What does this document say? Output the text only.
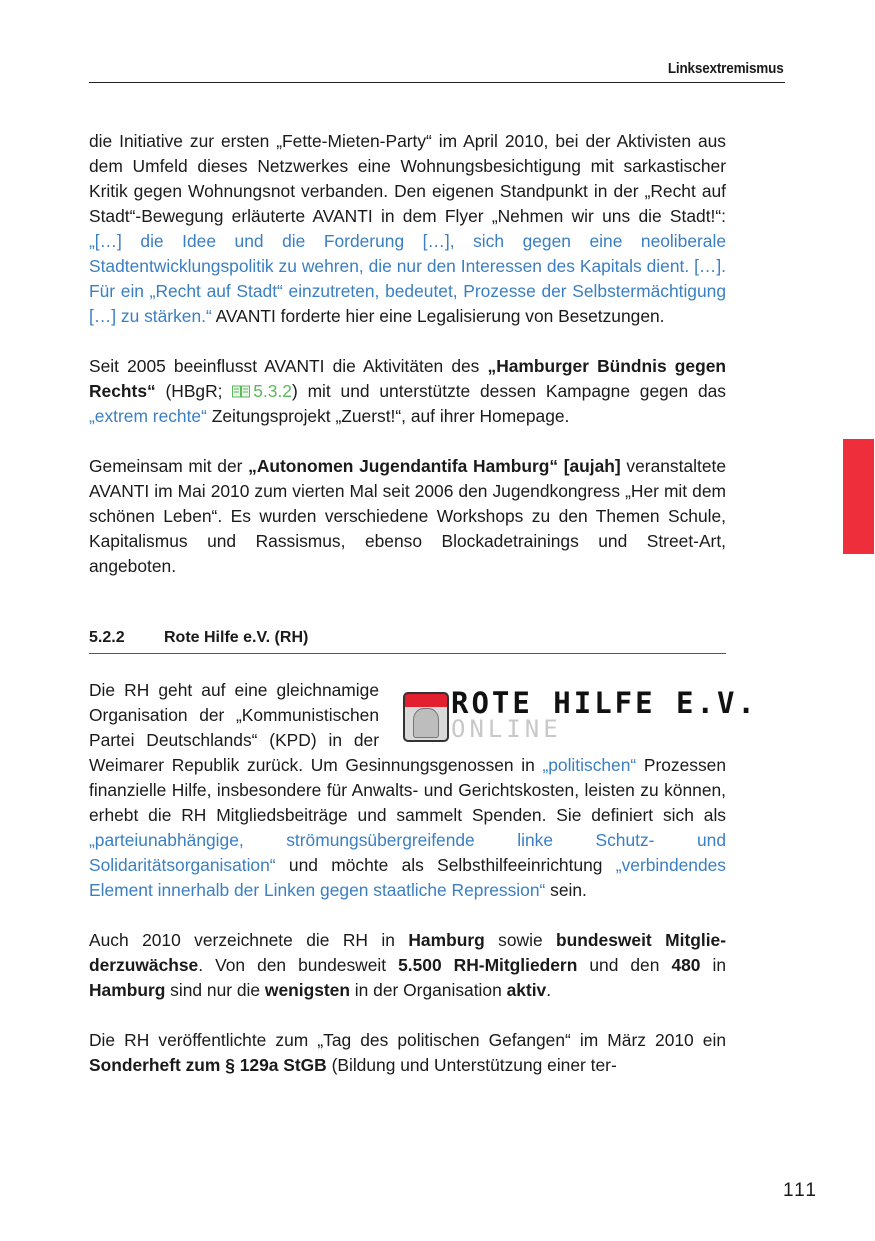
Linksextremismus

die Initiative zur ersten „Fette-Mieten-Party“ im April 2010, bei der Aktivisten aus dem Umfeld dieses Netzwerkes eine Wohnungsbesichtigung mit sarkastischer Kritik gegen Wohnungsnot verbanden. Den eigenen Standpunkt in der „Recht auf Stadt“-Bewegung erläuterte AVANTI in dem Flyer „Nehmen wir uns die Stadt!“: „[…] die Idee und die Forderung […], sich gegen eine neoliberale Stadtentwicklungspolitik zu wehren, die nur den Interessen des Kapitals dient. […]. Für ein „Recht auf Stadt“ einzutreten, bedeutet, Prozesse der Selbstermächtigung […] zu stärken.“ AVANTI forderte hier eine Legalisierung von Besetzungen.

Seit 2005 beeinflusst AVANTI die Aktivitäten des „Hamburger Bündnis gegen Rechts“ (HBgR; 5.3.2) mit und unterstützte dessen Kampagne gegen das „extrem rechte“ Zeitungsprojekt „Zuerst!“, auf ihrer Homepage.

Gemeinsam mit der „Autonomen Jugendantifa Hamburg“ [aujah] veranstaltete AVANTI im Mai 2010 zum vierten Mal seit 2006 den Jugendkongress „Her mit dem schönen Leben“. Es wurden verschiedene Workshops zu den Themen Schule, Kapitalismus und Rassismus, ebenso Blockadetrainings und Street-Art, angeboten.

5.2.2 Rote Hilfe e.V. (RH)
ROTE HILFE E.V.
ONLINE

Die RH geht auf eine gleichnamige Organisation der „Kommunistischen Partei Deutschlands“ (KPD) in der Weimarer Republik zurück. Um Gesinnungsgenossen in „politischen“ Prozessen finanzielle Hilfe, insbesondere für Anwalts- und Gerichtskosten, leisten zu können, erhebt die RH Mitgliedsbeiträge und sammelt Spenden. Sie definiert sich als „parteiunabhängige, strömungsübergreifende linke Schutz- und Solidaritätsorganisation“ und möchte als Selbsthilfeeinrichtung „verbindendes Element innerhalb der Linken gegen staatliche Repression“ sein.

Auch 2010 verzeichnete die RH in Hamburg sowie bundesweit Mitgliederzuwächse. Von den bundesweit 5.500 RH-Mitgliedern und den 480 in Hamburg sind nur die wenigsten in der Organisation aktiv.

Die RH veröffentlichte zum „Tag des politischen Gefangen“ im März 2010 ein Sonderheft zum § 129a StGB (Bildung und Unterstützung einer ter-

111
